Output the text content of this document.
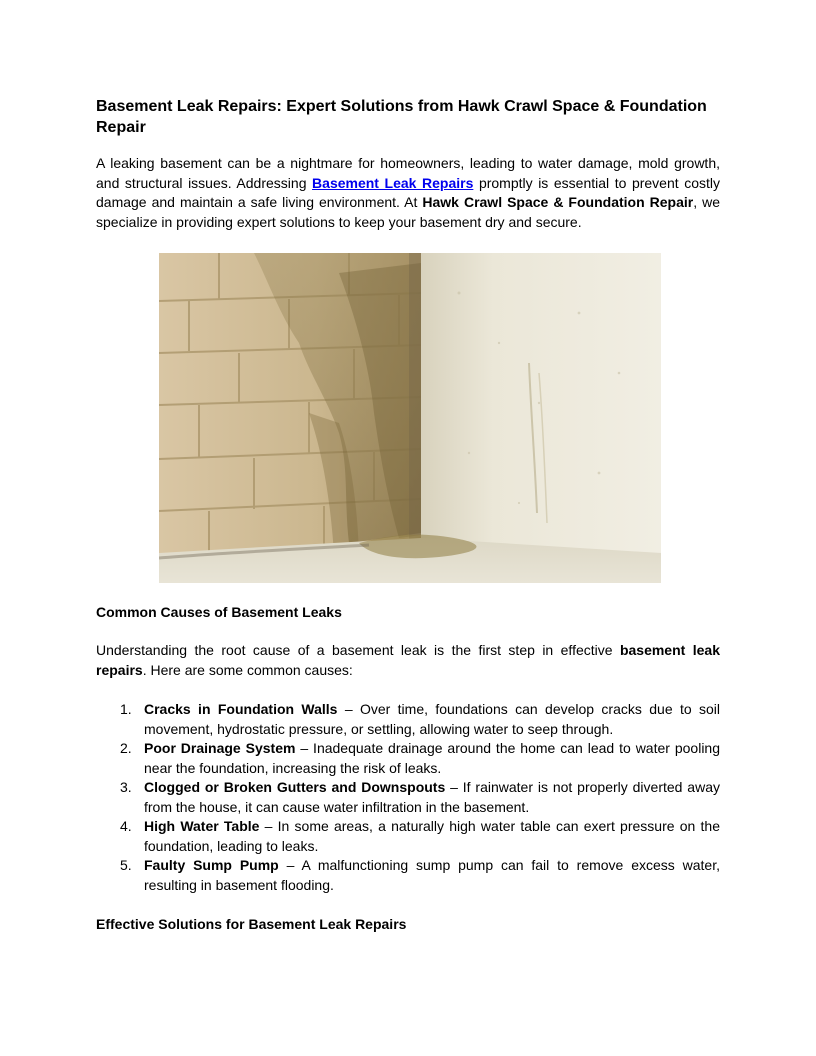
Basement Leak Repairs: Expert Solutions from Hawk Crawl Space & Foundation Repair

A leaking basement can be a nightmare for homeowners, leading to water damage, mold growth, and structural issues. Addressing Basement Leak Repairs promptly is essential to prevent costly damage and maintain a safe living environment. At Hawk Crawl Space & Foundation Repair, we specialize in providing expert solutions to keep your basement dry and secure.

Common Causes of Basement Leaks

Understanding the root cause of a basement leak is the first step in effective basement leak repairs. Here are some common causes:

1. Cracks in Foundation Walls – Over time, foundations can develop cracks due to soil movement, hydrostatic pressure, or settling, allowing water to seep through.
2. Poor Drainage System – Inadequate drainage around the home can lead to water pooling near the foundation, increasing the risk of leaks.
3. Clogged or Broken Gutters and Downspouts – If rainwater is not properly diverted away from the house, it can cause water infiltration in the basement.
4. High Water Table – In some areas, a naturally high water table can exert pressure on the foundation, leading to leaks.
5. Faulty Sump Pump – A malfunctioning sump pump can fail to remove excess water, resulting in basement flooding.
Effective Solutions for Basement Leak Repairs
